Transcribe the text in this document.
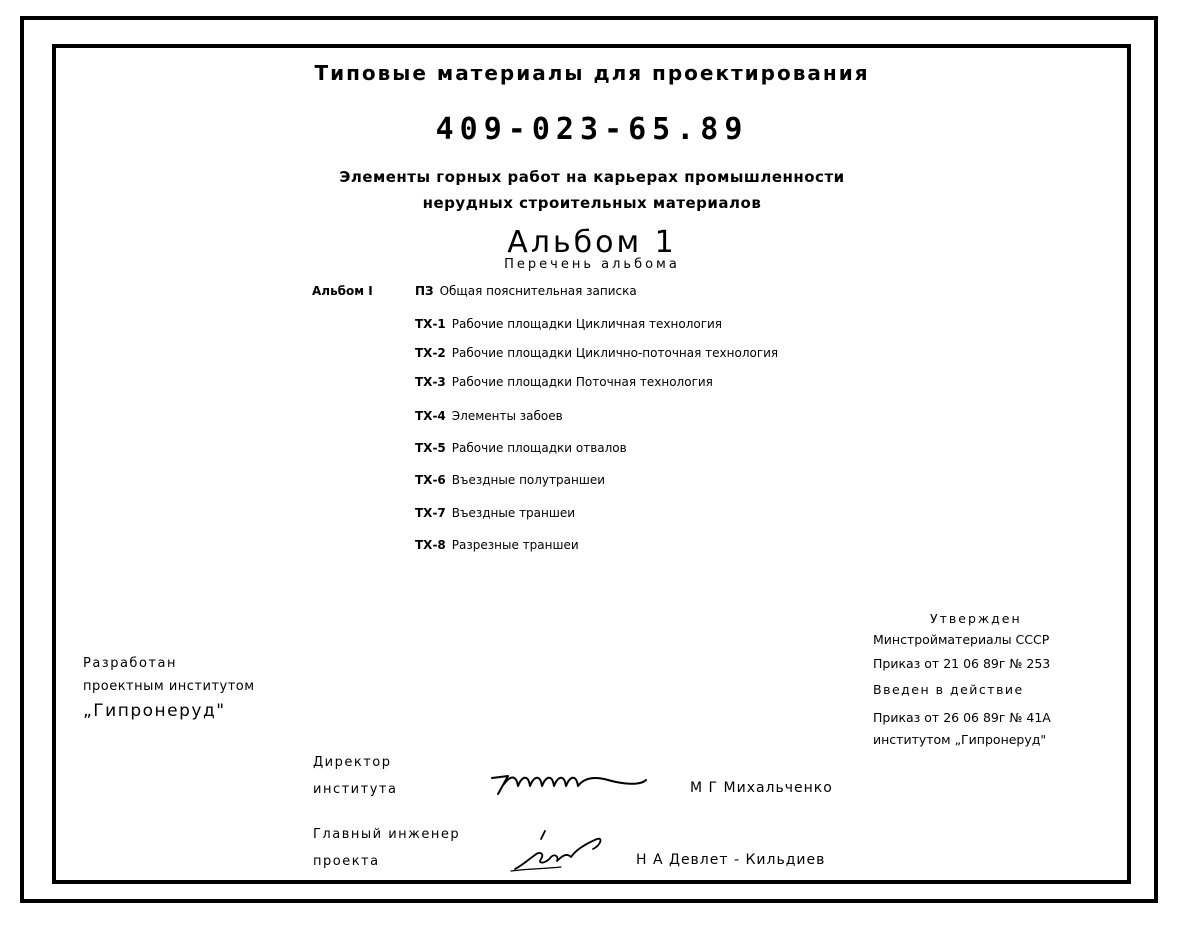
Типовые материалы для проектирования
409-023-65.89
Элементы горных работ на карьерах промышленности
нерудных строительных материалов
Альбом 1
Перечень альбома
Альбом I	ПЗ Общая пояснительная записка
ТХ-1 Рабочие площадки Цикличная технология
ТХ-2 Рабочие площадки Циклично-поточная технология
ТХ-3 Рабочие площадки Поточная технология
ТХ-4 Элементы забоев
ТХ-5 Рабочие площадки отвалов
ТХ-6 Въездные полутраншеи
ТХ-7 Въездные траншеи
ТХ-8 Разрезные траншеи
Утвержден
Минстройматериалы СССР
Приказ от 21 06 89г № 253
Введен в действие
Приказ от 26 06 89г № 41А
институтом „Гипронеруд"
Разработан
проектным институтом
„Гипронеруд"
Директор
института	М Г Михальченко
Главный инженер
проекта	Н А Девлет - Кильдиев
